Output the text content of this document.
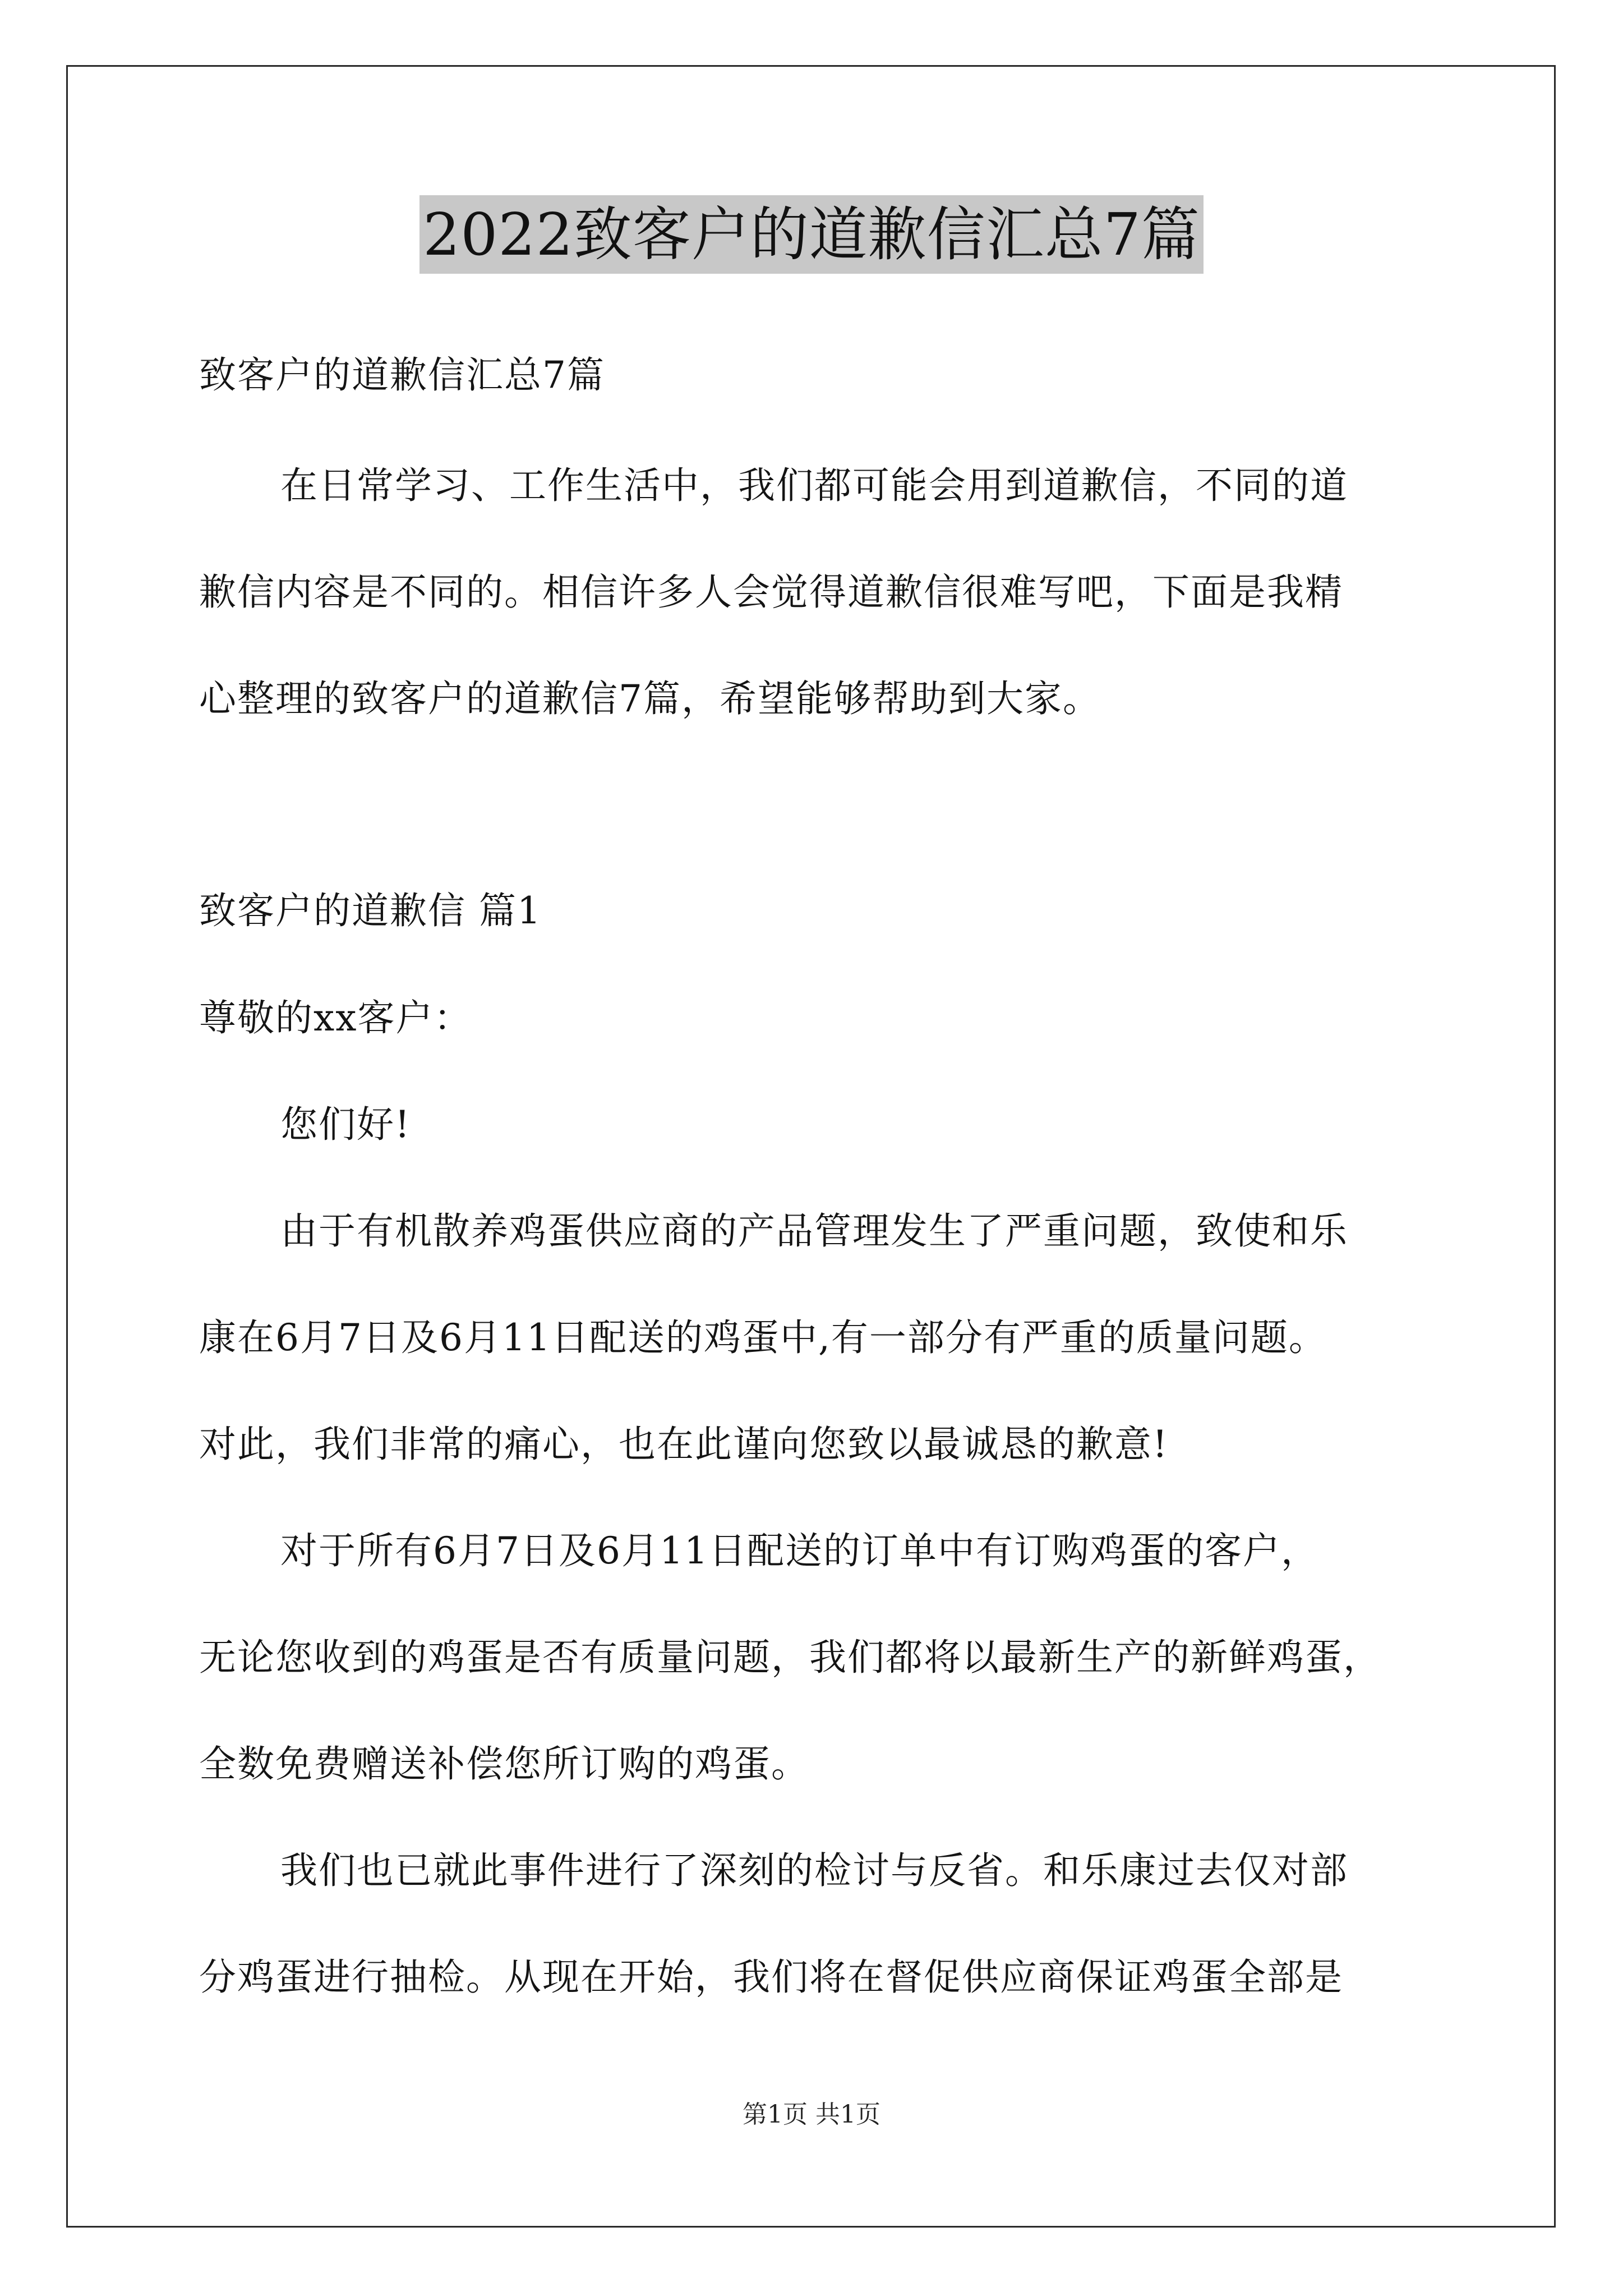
2022致客户的道歉信汇总7篇
致客户的道歉信汇总7篇
在日常学习、工作生活中，我们都可能会用到道歉信，不同的道
歉信内容是不同的。相信许多人会觉得道歉信很难写吧，下面是我精
心整理的致客户的道歉信7篇，希望能够帮助到大家。
致客户的道歉信 篇1
尊敬的xx客户：
您们好!
由于有机散养鸡蛋供应商的产品管理发生了严重问题，致使和乐
康在6月7日及6月11日配送的鸡蛋中,有一部分有严重的质量问题。
对此，我们非常的痛心，也在此谨向您致以最诚恳的歉意!
对于所有6月7日及6月11日配送的订单中有订购鸡蛋的客户，
无论您收到的鸡蛋是否有质量问题，我们都将以最新生产的新鲜鸡蛋，
全数免费赠送补偿您所订购的鸡蛋。
我们也已就此事件进行了深刻的检讨与反省。和乐康过去仅对部
分鸡蛋进行抽检。从现在开始，我们将在督促供应商保证鸡蛋全部是
第1页 共1页
